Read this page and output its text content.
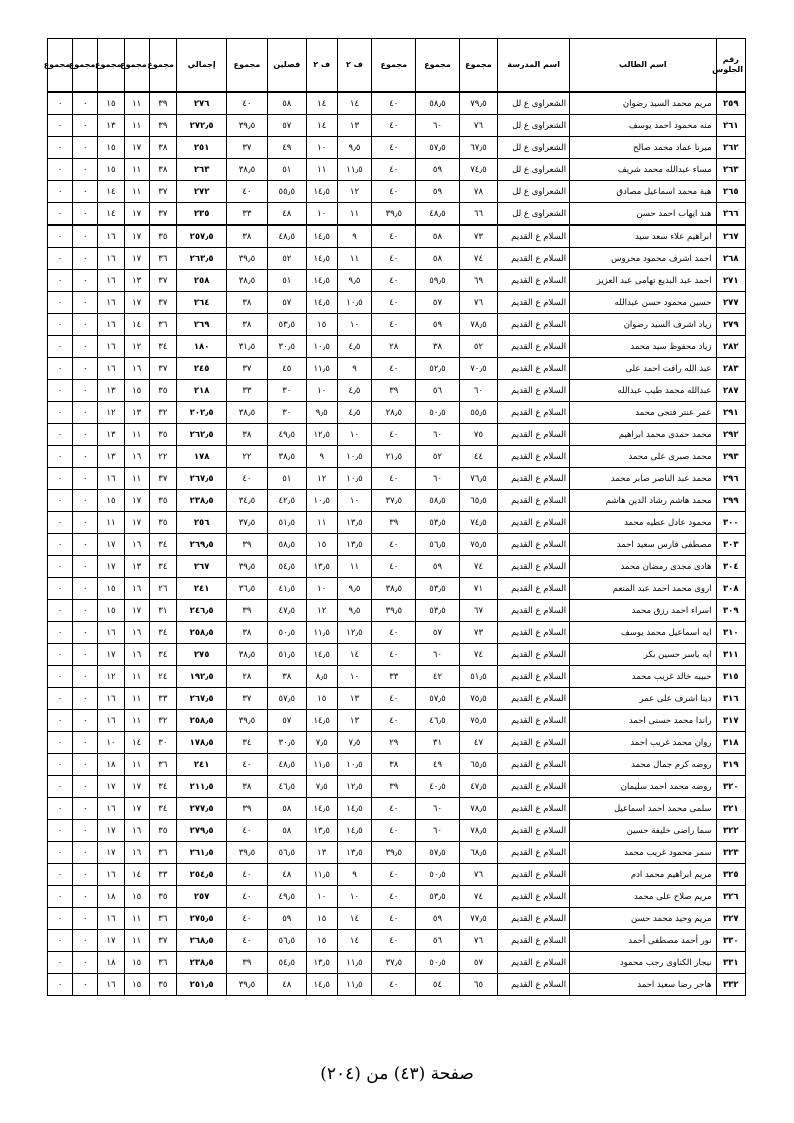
رقم الجلوس	اسم الطالب	اسم المدرسة	مجموع	مجموع	مجموع	ف ٢	ف ٢	فصلين	مجموع	إجمالي	مجموع	مجموع	مجموع	مجموع	مجموع
٢٥٩	مريم محمد السيد رضوان	الشعراوى ع لل	٧٩٫٥	٥٨٫٥	٤٠	١٤	١٤	٥٨	٤٠	٢٧٦	٣٩	١١	١٥	٠	٠
٢٦١	منه محمود احمد يوسف	الشعراوى ع لل	٧٦	٦٠	٤٠	١٣	١٤	٥٧	٣٩٫٥	٢٧٢٫٥	٣٩	١١	١٣	٠	٠
٢٦٢	ميرنا عماد محمد صالح	الشعراوى ع لل	٦٧٫٥	٥٧٫٥	٤٠	٩٫٥	١٠	٤٩	٣٧	٢٥١	٣٨	١٧	١٥	٠	٠
٢٦٣	مساء عبدالله محمد شريف	الشعراوى ع لل	٧٤٫٥	٥٩	٤٠	١١٫٥	١١	٥١	٣٨٫٥	٢٦٣	٣٨	١١	١٥	٠	٠
٢٦٥	هبة محمد اسماعيل مصادق	الشعراوى ع لل	٧٨	٥٩	٤٠	١٢	١٤٫٥	٥٥٫٥	٤٠	٢٧٢	٣٧	١١	١٤	٠	٠
٢٦٦	هند ايهاب احمد حسن	الشعراوى ع لل	٦٦	٤٨٫٥	٣٩٫٥	١١	١٠	٤٨	٣٣	٢٣٥	٣٧	١٧	١٤	٠	٠
٢٦٧	ابراهيم علاء سعد سيد	السلام ع القديم	٧٣	٥٨	٤٠	٩	١٤٫٥	٤٨٫٥	٣٨	٢٥٧٫٥	٣٥	١٧	١٦	٠	٠
٢٦٨	احمد اشرف محمود محروس	السلام ع القديم	٧٤	٥٨	٤٠	١١	١٤٫٥	٥٢	٣٩٫٥	٢٦٣٫٥	٣٦	١٧	١٦	٠	٠
٢٧١	احمد عبد البديع تهامى عبد العزيز	السلام ع القديم	٦٩	٥٩٫٥	٤٠	٩٫٥	١٤٫٥	٥١	٣٨٫٥	٢٥٨	٣٧	١٣	١٦	٠	٠
٢٧٧	حسين محمود حسن عبدالله	السلام ع القديم	٧٦	٥٧	٤٠	١٠٫٥	١٤٫٥	٥٧	٣٨	٢٦٤	٣٧	١٧	١٦	٠	٠
٢٧٩	زياد اشرف السيد رضوان	السلام ع القديم	٧٨٫٥	٥٩	٤٠	١٠	١٥	٥٣٫٥	٣٨	٢٦٩	٣٦	١٤	١٦	٠	٠
٢٨٢	زياد محفوظ سيد محمد	السلام ع القديم	٥٢	٣٨	٢٨	٤٫٥	١٠٫٥	٣٠٫٥	٣١٫٥	١٨٠	٣٤	١٢	١٦	٠	٠
٢٨٣	عبد الله رافت احمد على	السلام ع القديم	٧٠٫٥	٥٢٫٥	٤٠	٩	١١٫٥	٤٥	٣٧	٢٤٥	٣٧	١٦	١٦	٠	٠
٢٨٧	عبدالله محمد طيب عبدالله	السلام ع القديم	٦٠	٥٦	٣٩	٤٫٥	١٠	٣٠	٣٣	٢١٨	٣٥	١٥	١٣	٠	٠
٢٩١	عمر عنتر فتحى محمد	السلام ع القديم	٥٥٫٥	٥٠٫٥	٢٨٫٥	٤٫٥	٩٫٥	٣٠	٣٨٫٥	٢٠٢٫٥	٣٢	١٣	١٢	٠	٠
٢٩٢	محمد حمدى محمد ابراهيم	السلام ع القديم	٧٥	٦٠	٤٠	١٠	١٢٫٥	٤٩٫٥	٣٨	٢٦٢٫٥	٣٥	١١	١٣	٠	٠
٢٩٣	محمد صبرى على محمد	السلام ع القديم	٤٤	٥٢	٢١٫٥	١٠٫٥	٩	٣٨٫٥	٢٢	١٧٨	٢٢	١٦	١٣	٠	٠
٢٩٦	محمد عبد الناصر صابر محمد	السلام ع القديم	٧٦٫٥	٦٠	٤٠	١٠٫٥	١٢	٥١	٤٠	٢٦٧٫٥	٣٧	١١	١٦	٠	٠
٢٩٩	محمد هاشم رشاد الدين هاشم	السلام ع القديم	٦٥٫٥	٥٨٫٥	٣٧٫٥	١٠	١٠٫٥	٤٢٫٥	٣٤٫٥	٢٣٨٫٥	٣٥	١٧	١٥	٠	٠
٣٠٠	محمود عادل عطيه محمد	السلام ع القديم	٧٤٫٥	٥٣٫٥	٣٩	١٣٫٥	١١	٥١٫٥	٣٧٫٥	٢٥٦	٣٥	١٧	١١	٠	٠
٣٠٣	مصطفى فارس سعيد احمد	السلام ع القديم	٧٥٫٥	٥٦٫٥	٤٠	١٣٫٥	١٥	٥٨٫٥	٣٩	٢٦٩٫٥	٣٤	١٦	١٧	٠	٠
٣٠٤	هادى مجدى رمضان محمد	السلام ع القديم	٧٤	٥٩	٤٠	١١	١٣٫٥	٥٤٫٥	٣٩٫٥	٢٦٧	٣٤	١٣	١٧	٠	٠
٣٠٨	اروى محمد احمد عبد المنعم	السلام ع القديم	٧١	٥٣٫٥	٣٨٫٥	٩٫٥	١٠	٤١٫٥	٣٦٫٥	٢٤١	٢٦	١٦	١٥	٠	٠
٣٠٩	اسراء احمد رزق محمد	السلام ع القديم	٦٧	٥٣٫٥	٣٩٫٥	٩٫٥	١٢	٤٧٫٥	٣٩	٢٤٦٫٥	٣١	١٧	١٥	٠	٠
٣١٠	ايه اسماعيل محمد يوسف	السلام ع القديم	٧٣	٥٧	٤٠	١٢٫٥	١١٫٥	٥٠٫٥	٣٨	٢٥٨٫٥	٣٤	١٦	١٦	٠	٠
٣١١	ايه ياسر حسين بكر	السلام ع القديم	٧٤	٦٠	٤٠	١٤	١٤٫٥	٥١٫٥	٣٨٫٥	٢٧٥	٣٤	١٦	١٧	٠	٠
٣١٥	حبيبه خالد غريب محمد	السلام ع القديم	٥١٫٥	٤٢	٣٣	١٠	٨٫٥	٣٨	٢٨	١٩٢٫٥	٢٤	١١	١٢	٠	٠
٣١٦	دينا اشرف على عمر	السلام ع القديم	٧٥٫٥	٥٧٫٥	٤٠	١٣	١٥	٥٧٫٥	٣٧	٢٦٧٫٥	٣٣	١١	١٦	٠	٠
٣١٧	راندا محمد حسنى احمد	السلام ع القديم	٧٥٫٥	٤٦٫٥	٤٠	١٣	١٤٫٥	٥٧	٣٩٫٥	٢٥٨٫٥	٣٢	١١	١٦	٠	٠
٣١٨	روان محمد غريب احمد	السلام ع القديم	٤٧	٣١	٢٩	٧٫٥	٧٫٥	٣٠٫٥	٣٤	١٧٨٫٥	٣٠	١٤	١٠	٠	٠
٣١٩	روضه كرم جمال محمد	السلام ع القديم	٦٥٫٥	٤٩	٣٨	١٠٫٥	١١٫٥	٤٨٫٥	٤٠	٢٤١	٣٦	١١	١٨	٠	٠
٣٢٠	روضه محمد احمد سليمان	السلام ع القديم	٤٧٫٥	٤٠٫٥	٣٩	١٢٫٥	٧٫٥	٤٦٫٥	٣٨	٢١١٫٥	٣٤	١٧	١٧	٠	٠
٣٢١	سلمى محمد احمد اسماعيل	السلام ع القديم	٧٨٫٥	٦٠	٤٠	١٤٫٥	١٤٫٥	٥٨	٣٩	٢٧٧٫٥	٣٤	١٧	١٦	٠	٠
٣٢٢	سما راضى خليفة حسين	السلام ع القديم	٧٨٫٥	٦٠	٤٠	١٤٫٥	١٣٫٥	٥٨	٤٠	٢٧٩٫٥	٣٥	١٦	١٧	٠	٠
٣٢٣	سمر محمود غريب محمد	السلام ع القديم	٦٨٫٥	٥٧٫٥	٣٩٫٥	١٣٫٥	١٣	٥٦٫٥	٣٩٫٥	٢٦١٫٥	٣٦	١٦	١٧	٠	٠
٣٢٥	مريم ابراهيم محمد ادم	السلام ع القديم	٧٦	٥٠٫٥	٤٠	٩	١١٫٥	٤٨	٤٠	٢٥٤٫٥	٣٣	١٤	١٦	٠	٠
٣٢٦	مريم صلاح على محمد	السلام ع القديم	٧٤	٥٣٫٥	٤٠	١٠	١٠	٤٩٫٥	٤٠	٢٥٧	٣٥	١٥	١٨	٠	٠
٣٢٧	مريم وحيد محمد حسن	السلام ع القديم	٧٧٫٥	٥٩	٤٠	١٤	١٥	٥٩	٤٠	٢٧٥٫٥	٣٦	١١	١٦	٠	٠
٣٣٠	نور أحمد مصطفى أحمد	السلام ع القديم	٧٦	٥٦	٤٠	١٤	١٥	٥٦٫٥	٤٠	٢٦٨٫٥	٣٧	١١	١٧	٠	٠
٣٣١	نيجار الكناوى رجب محمود	السلام ع القديم	٥٧	٥٠٫٥	٣٧٫٥	١١٫٥	١٣٫٥	٥٤٫٥	٣٩	٢٣٨٫٥	٣٦	١٥	١٨	٠	٠
٣٣٢	هاجر رضا سعيد احمد	السلام ع القديم	٦٥	٥٤	٤٠	١١٫٥	١٤٫٥	٤٨	٣٩٫٥	٢٥١٫٥	٣٥	١٥	١٦	٠	٠
صفحة (٤٣) من (٢٠٤)
